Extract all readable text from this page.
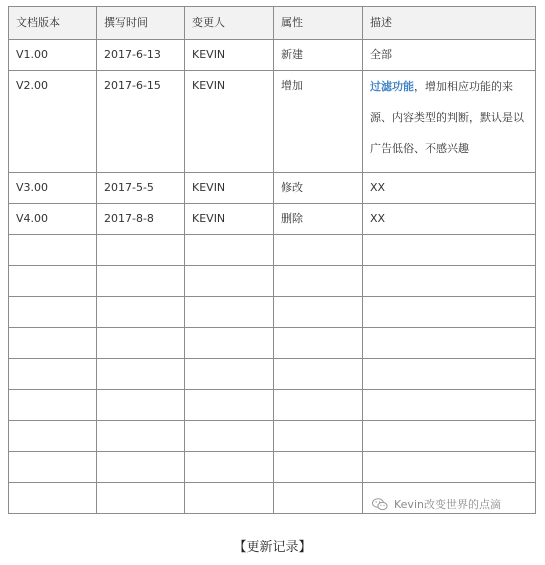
文档版本	撰写时间	变更人	属性	描述
V1.00	2017-6-13	KEVIN	新建	全部
V2.00	2017-6-15	KEVIN	增加	过滤功能，增加相应功能的来源、内容类型的判断，默认是以广告低俗、不感兴趣
V3.00	2017-5-5	KEVIN	修改	XX
V4.00	2017-8-8	KEVIN	删除	XX

Kevin改变世界的点滴
【更新记录】
